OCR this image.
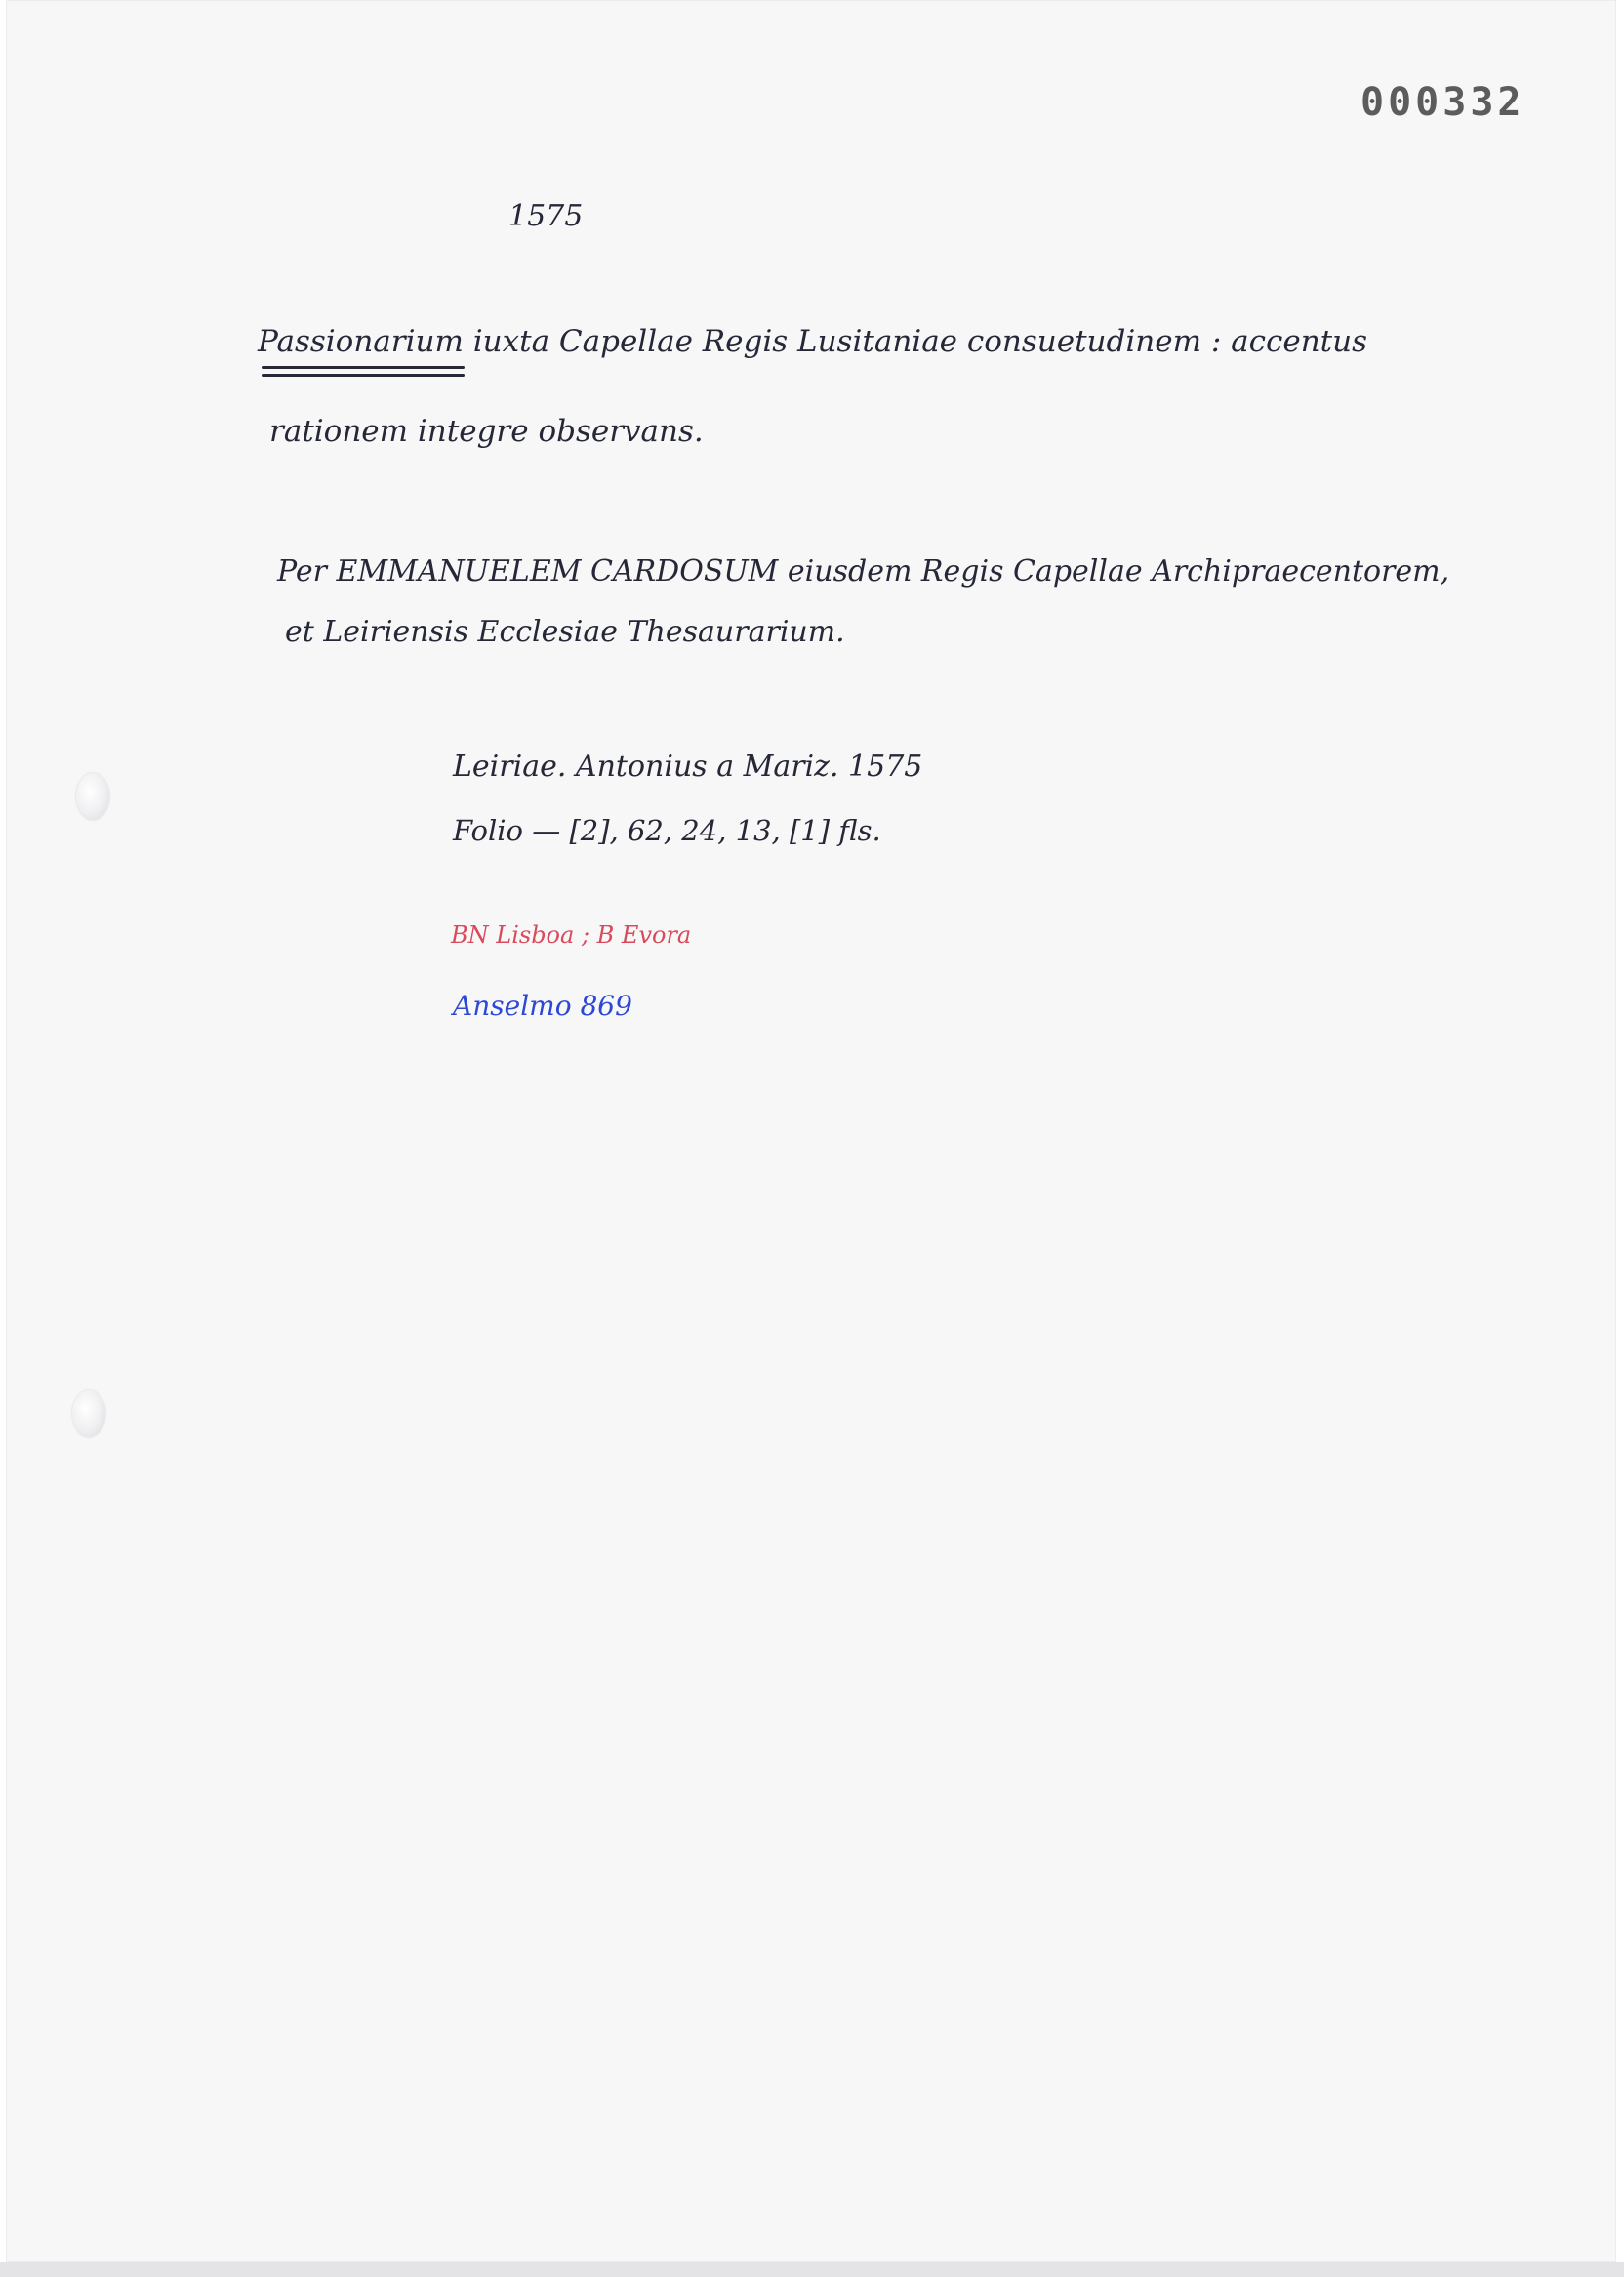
000332
1575
Passionarium iuxta Capellae Regis Lusitaniae consuetudinem : accentus
rationem integre observans.
Per EMMANUELEM CARDOSUM eiusdem Regis Capellae Archipraecentorem,
et Leiriensis Ecclesiae Thesaurarium.
Leiriae. Antonius a Mariz. 1575
Folio — [2], 62, 24, 13, [1] fls.
BN Lisboa ; B Evora
Anselmo 869
